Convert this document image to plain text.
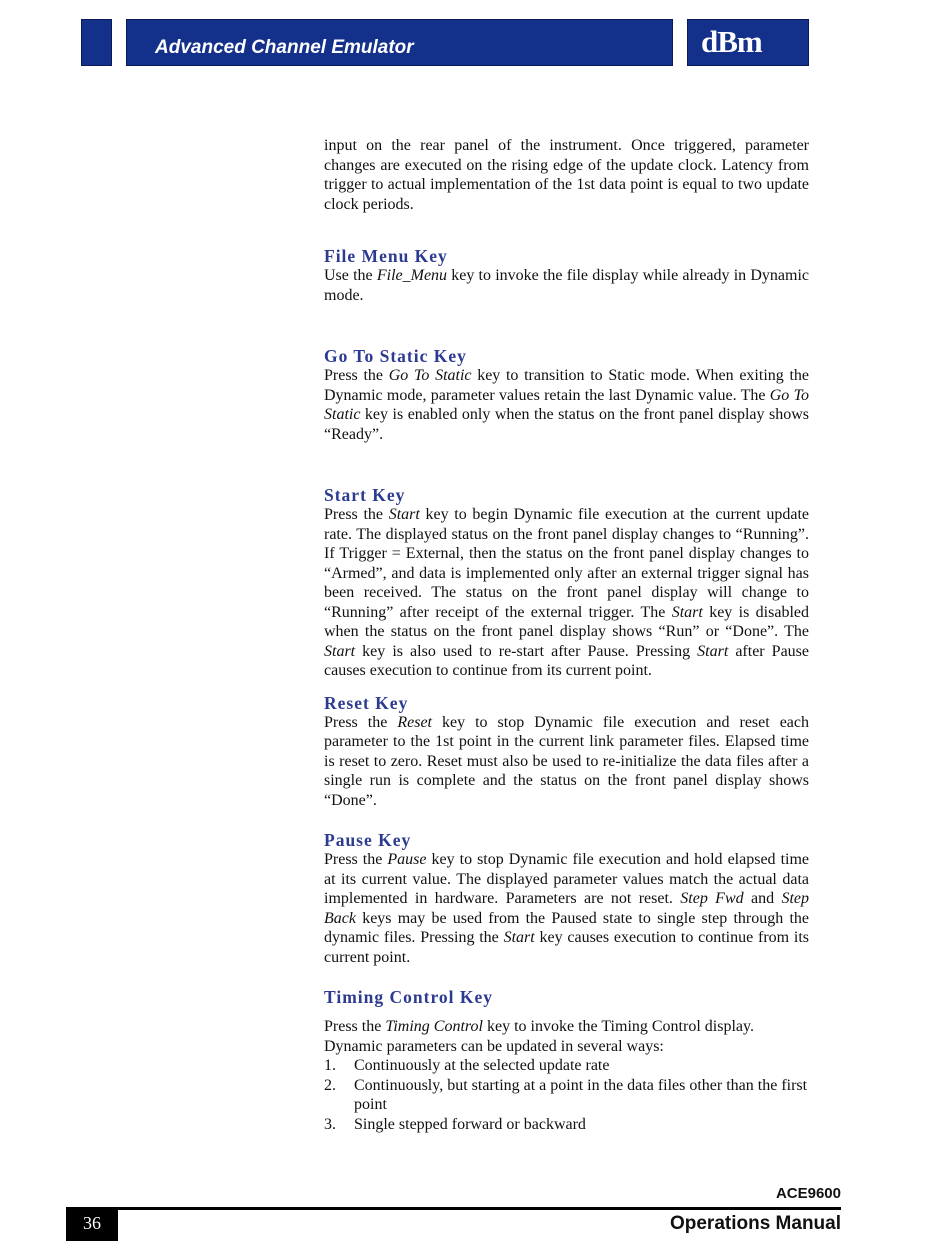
Advanced Channel Emulator	dBm

input on the rear panel of the instrument. Once triggered, parameter changes are executed on the rising edge of the update clock. Latency from trigger to actual implementation of the 1st data point is equal to two update clock periods.

File Menu Key

Use the File_Menu key to invoke the file display while already in Dynamic mode.

Go To Static Key

Press the Go To Static key to transition to Static mode. When exiting the Dynamic mode, parameter values retain the last Dynamic value. The Go To Static key is enabled only when the status on the front panel display shows “Ready”.

Start Key

Press the Start key to begin Dynamic file execution at the current update rate. The displayed status on the front panel display changes to “Running”. If Trigger = External, then the status on the front panel display changes to “Armed”, and data is implemented only after an external trigger signal has been received. The status on the front panel display will change to “Running” after receipt of the external trigger. The Start key is disabled when the status on the front panel display shows “Run” or “Done”. The Start key is also used to re-start after Pause. Pressing Start after Pause causes execution to continue from its current point.

Reset Key

Press the Reset key to stop Dynamic file execution and reset each parameter to the 1st point in the current link parameter files. Elapsed time is reset to zero. Reset must also be used to re-initialize the data files after a single run is complete and the status on the front panel display shows “Done”.

Pause Key

Press the Pause key to stop Dynamic file execution and hold elapsed time at its current value. The displayed parameter values match the actual data implemented in hardware. Parameters are not reset. Step Fwd and Step Back keys may be used from the Paused state to single step through the dynamic files. Pressing the Start key causes execution to continue from its current point.

Timing Control Key

Press the Timing Control key to invoke the Timing Control display.

Dynamic parameters can be updated in several ways:

1.	Continuously at the selected update rate
2.	Continuously, but starting at a point in the data files other than the first point
3.	Single stepped forward or backward
ACE9600
36	Operations Manual
